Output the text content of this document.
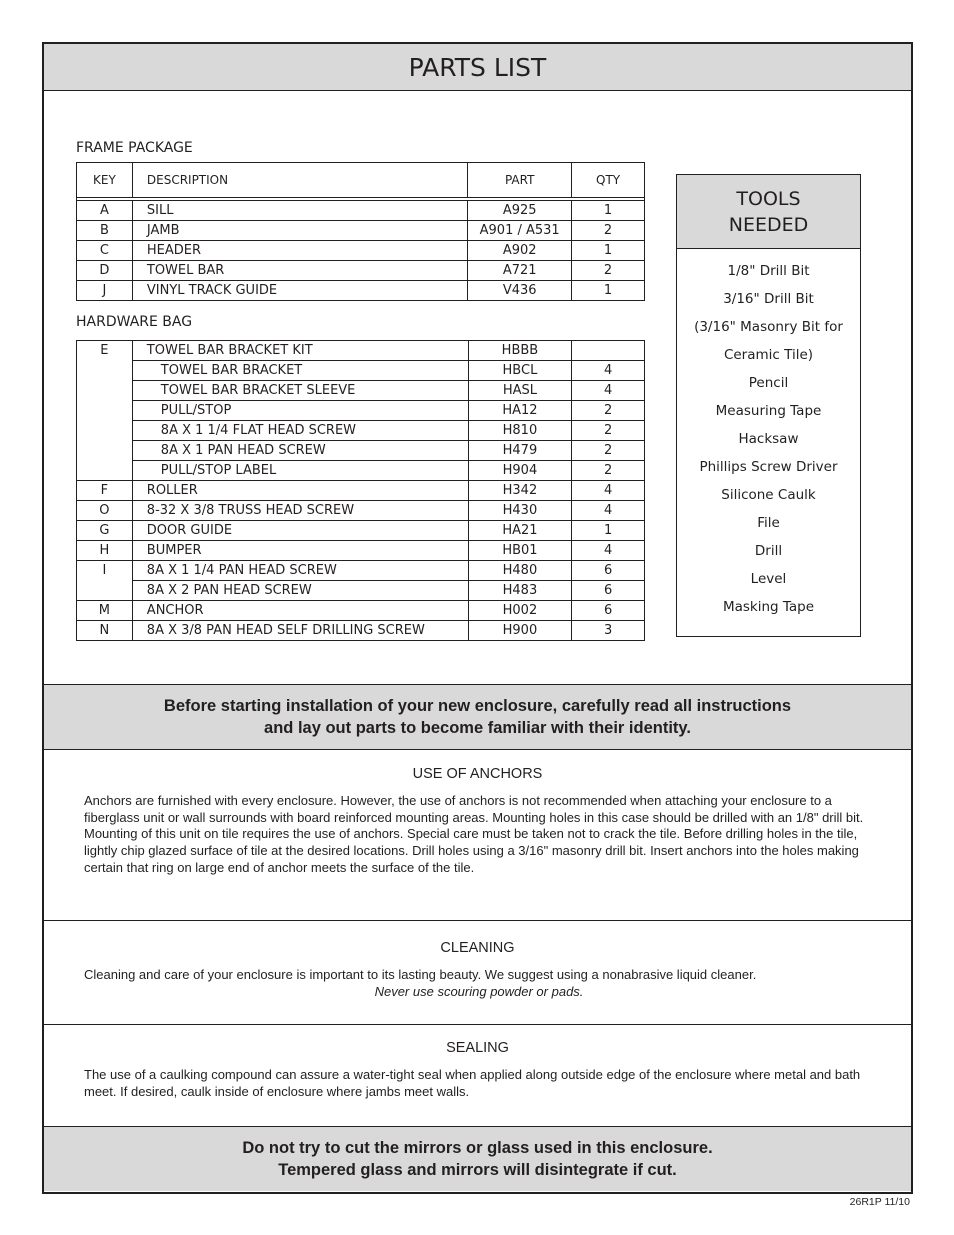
PARTS LIST
FRAME PACKAGE
KEY	DESCRIPTION	PART	QTY

A	SILL	A925	1
B	JAMB	A901 / A531	2
C	HEADER	A902	1
D	TOWEL BAR	A721	2
J	VINYL TRACK GUIDE	V436	1
HARDWARE BAG
E	TOWEL BAR BRACKET KIT	HBBB	
	TOWEL BAR BRACKET	HBCL	4
	TOWEL BAR BRACKET SLEEVE	HASL	4
	PULL/STOP	HA12	2
	8A X 1 1/4 FLAT HEAD SCREW	H810	2
	8A X 1 PAN HEAD SCREW	H479	2
	PULL/STOP LABEL	H904	2
F	ROLLER	H342	4
O	8-32 X 3/8 TRUSS HEAD SCREW	H430	4
G	DOOR GUIDE	HA21	1
H	BUMPER	HB01	4
I	8A X 1 1/4 PAN HEAD SCREW	H480	6
	8A X 2 PAN HEAD SCREW	H483	6
M	ANCHOR	H002	6
N	8A X 3/8 PAN HEAD SELF DRILLING SCREW	H900	3
TOOLS
NEEDED
1/8" Drill Bit
3/16" Drill Bit
(3/16" Masonry Bit for
Ceramic Tile)
Pencil
Measuring Tape
Hacksaw
Phillips Screw Driver
Silicone Caulk
File
Drill
Level
Masking Tape
Before starting installation of your new enclosure, carefully read all instructions
and lay out parts to become familiar with their identity.
USE OF ANCHORS
Anchors are furnished with every enclosure. However, the use of anchors is not recommended when attaching your enclosure to a fiberglass unit or wall surrounds with board reinforced mounting areas. Mounting holes in this case should be drilled with an 1/8" drill bit.
Mounting of this unit on tile requires the use of anchors. Special care must be taken not to crack the tile. Before drilling holes in the tile, lightly chip glazed surface of tile at the desired locations. Drill holes using a 3/16" masonry drill bit. Insert anchors into the holes making certain that ring on large end of anchor meets the surface of the tile.
CLEANING
Cleaning and care of your enclosure is important to its lasting beauty. We suggest using a nonabrasive liquid cleaner.
Never use scouring powder or pads.
SEALING
The use of a caulking compound can assure a water-tight seal when applied along outside edge of the enclosure where metal and bath meet. If desired, caulk inside of enclosure where jambs meet walls.
Do not try to cut the mirrors or glass used in this enclosure.
Tempered glass and mirrors will disintegrate if cut.
26R1P 11/10
